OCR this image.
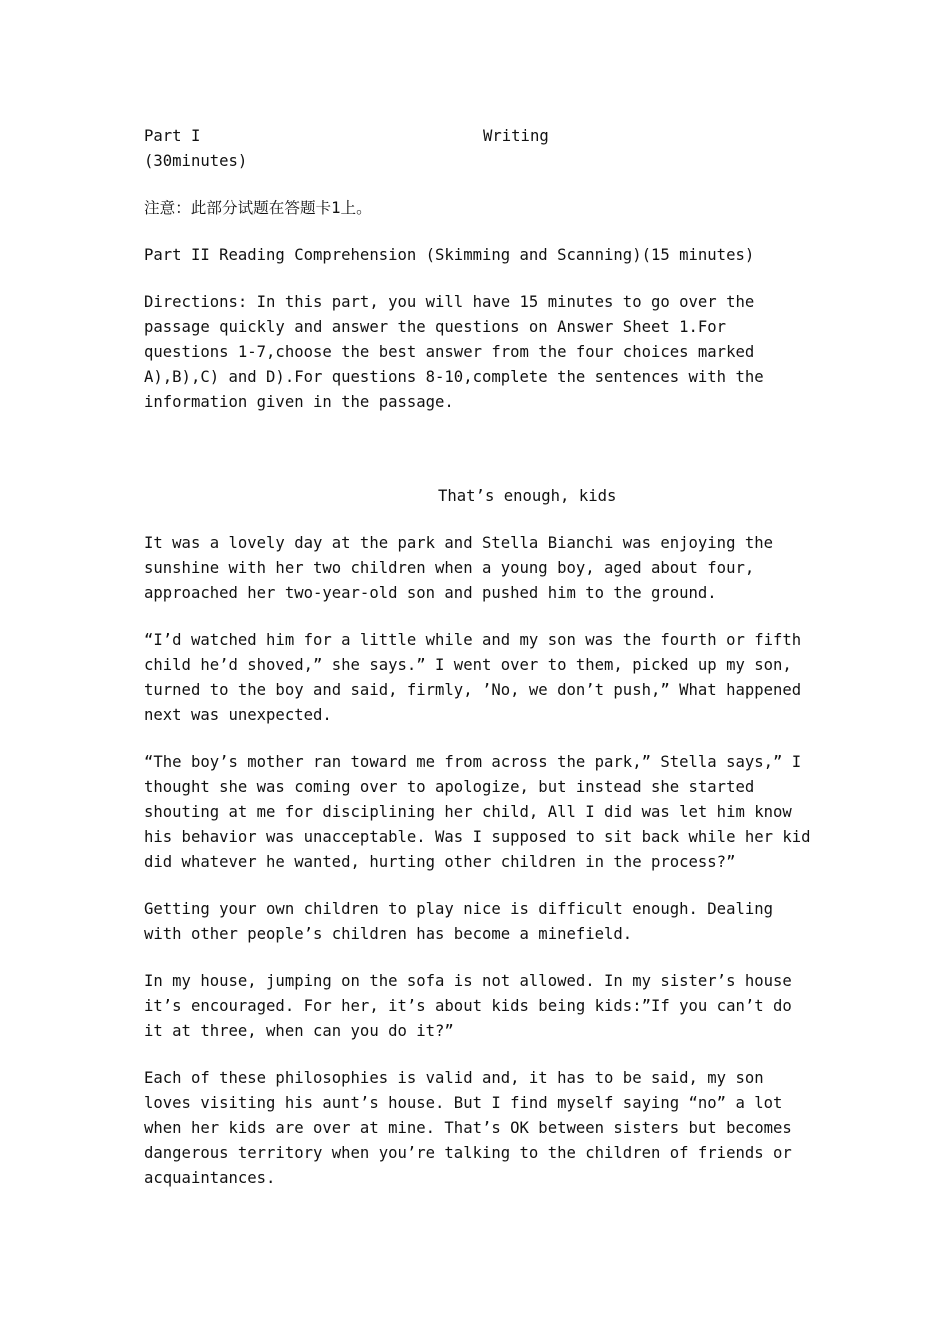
Part I	Writing
(30minutes)

注意：此部分试题在答题卡1上。

Part II Reading Comprehension (Skimming and Scanning)(15 minutes)

Directions: In this part, you will have 15 minutes to go over the passage quickly and answer the questions on Answer Sheet 1.For questions 1-7,choose the best answer from the four choices marked A),B),C) and D).For questions 8-10,complete the sentences with the information given in the passage.

That’s enough, kids

It was a lovely day at the park and Stella Bianchi was enjoying the sunshine with her two children when a young boy, aged about four, approached her two-year-old son and pushed him to the ground.

“I’d watched him for a little while and my son was the fourth or fifth child he’d shoved,” she says.” I went over to them, picked up my son, turned to the boy and said, firmly, ’No, we don’t push,” What happened next was unexpected.

“The boy’s mother ran toward me from across the park,” Stella says,” I thought she was coming over to apologize, but instead she started shouting at me for disciplining her child, All I did was let him know his behavior was unacceptable. Was I supposed to sit back while her kid did whatever he wanted, hurting other children in the process?”

Getting your own children to play nice is difficult enough. Dealing with other people’s children has become a minefield.

In my house, jumping on the sofa is not allowed. In my sister’s house it’s encouraged. For her, it’s about kids being kids:”If you can’t do it at three, when can you do it?”

Each of these philosophies is valid and, it has to be said, my son loves visiting his aunt’s house. But I find myself saying “no” a lot when her kids are over at mine. That’s OK between sisters but becomes dangerous territory when you’re talking to the children of friends or acquaintances.
